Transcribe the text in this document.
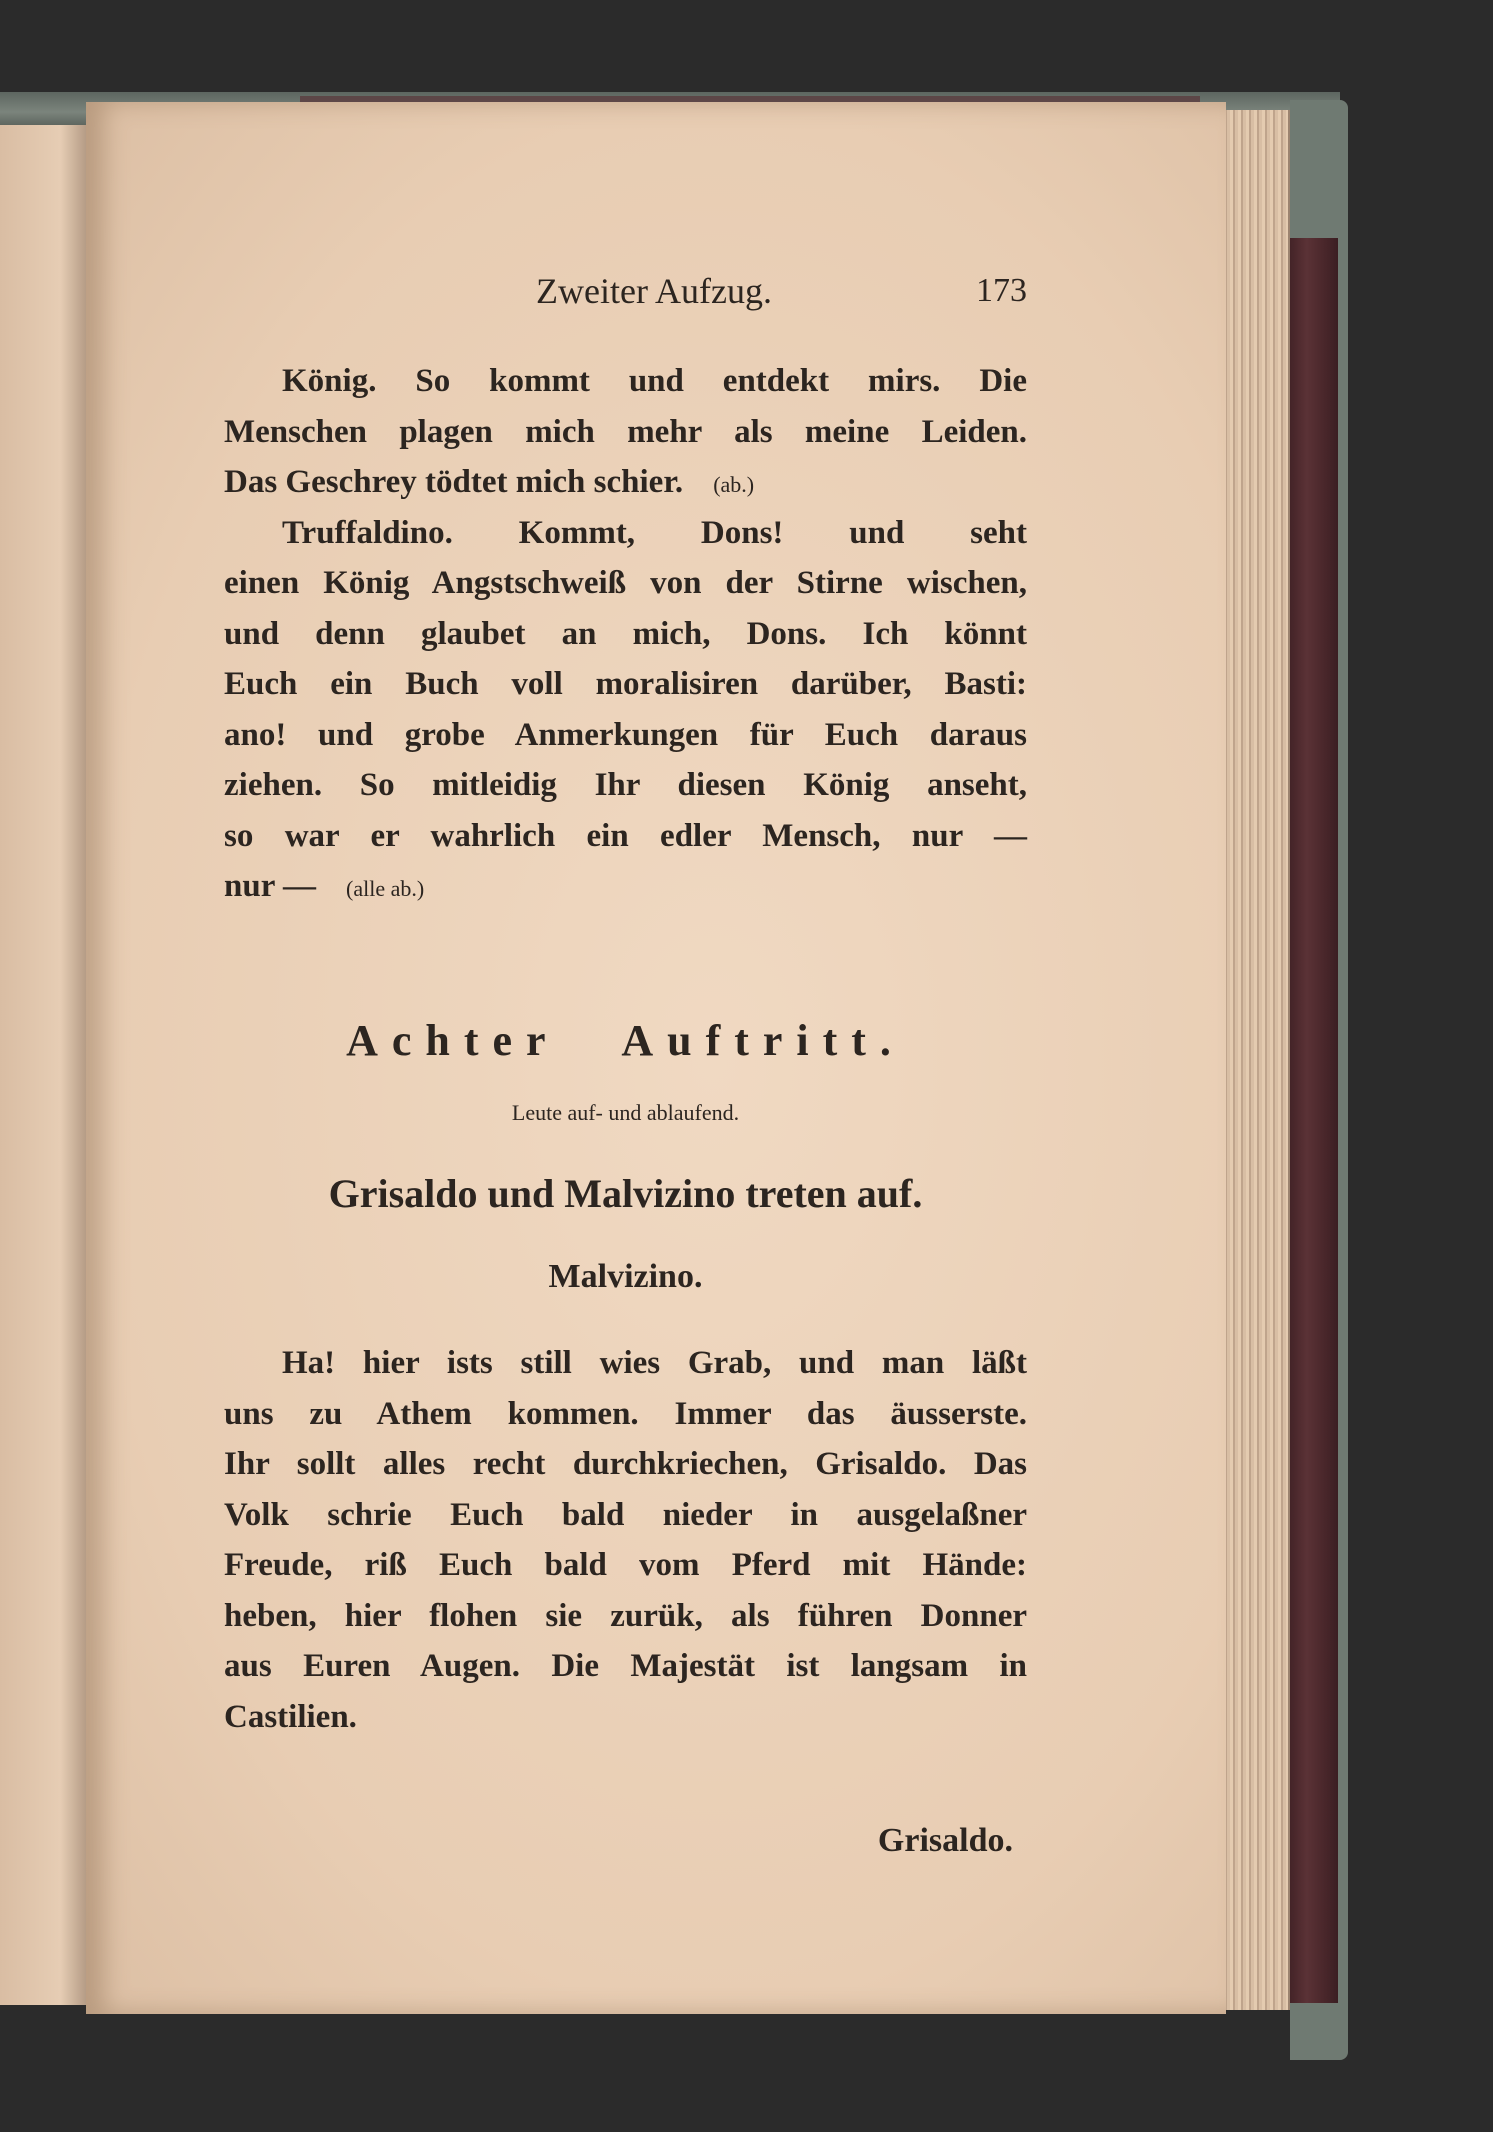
Zweiter Aufzug.	173
König. So kommt und entdekt mirs. Die
Menschen plagen mich mehr als meine Leiden.
Das Geschrey tödtet mich schier. (ab.)
Truffaldino. Kommt, Dons! und seht
einen König Angstschweiß von der Stirne wischen,
und denn glaubet an mich, Dons. Ich könnt
Euch ein Buch voll moralisiren darüber, Basti:
ano! und grobe Anmerkungen für Euch daraus
ziehen. So mitleidig Ihr diesen König anseht,
so war er wahrlich ein edler Mensch, nur —
nur — (alle ab.)
Achter Auftritt.
Leute auf- und ablaufend.
Grisaldo und Malvizino treten auf.
Malvizino.
Ha! hier ists still wies Grab, und man läßt
uns zu Athem kommen. Immer das äusserste.
Ihr sollt alles recht durchkriechen, Grisaldo. Das
Volk schrie Euch bald nieder in ausgelaßner
Freude, riß Euch bald vom Pferd mit Hände:
heben, hier flohen sie zurük, als führen Donner
aus Euren Augen. Die Majestät ist langsam in
Castilien.
Grisaldo.
